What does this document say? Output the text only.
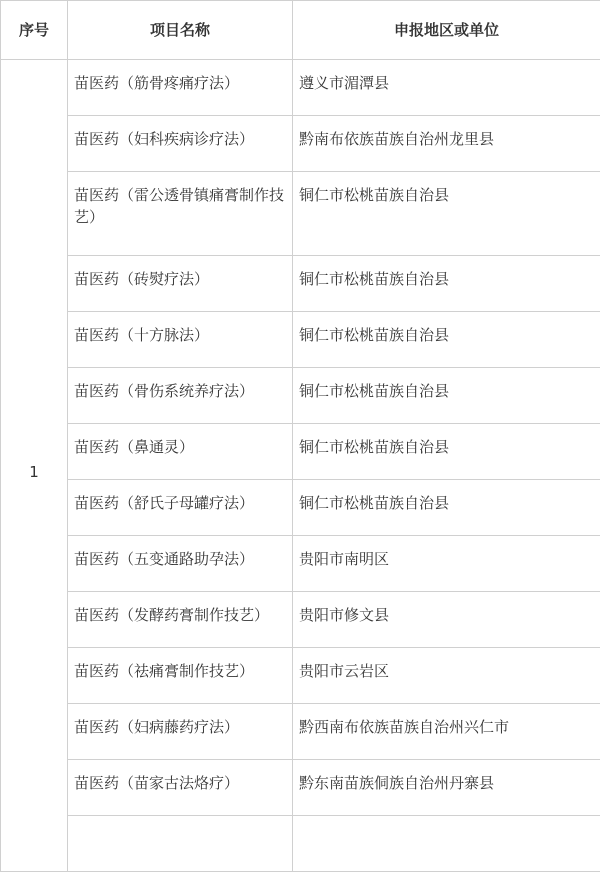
序号	项目名称	申报地区或单位
1	苗医药（筋骨疼痛疗法）	遵义市湄潭县
	苗医药（妇科疾病诊疗法）	黔南布依族苗族自治州龙里县
	苗医药（雷公透骨镇痛膏制作技艺）	铜仁市松桃苗族自治县
	苗医药（砖熨疗法）	铜仁市松桃苗族自治县
	苗医药（十方脉法）	铜仁市松桃苗族自治县
	苗医药（骨伤系统养疗法）	铜仁市松桃苗族自治县
	苗医药（鼻通灵）	铜仁市松桃苗族自治县
	苗医药（舒氏子母罐疗法）	铜仁市松桃苗族自治县
	苗医药（五变通路助孕法）	贵阳市南明区
	苗医药（发酵药膏制作技艺）	贵阳市修文县
	苗医药（祛痛膏制作技艺）	贵阳市云岩区
	苗医药（妇病藤药疗法）	黔西南布依族苗族自治州兴仁市
	苗医药（苗家古法烙疗）	黔东南苗族侗族自治州丹寨县
